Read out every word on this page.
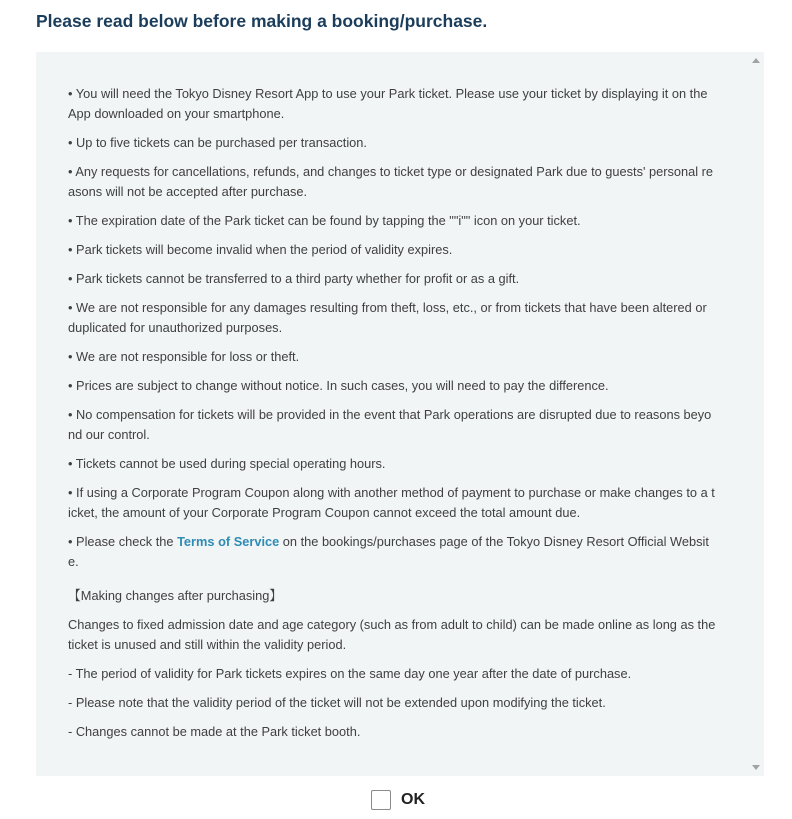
Please read below before making a booking/purchase.

• You will need the Tokyo Disney Resort App to use your Park ticket. Please use your ticket by displaying it on the App downloaded on your smartphone.

• Up to five tickets can be purchased per transaction.

• Any requests for cancellations, refunds, and changes to ticket type or designated Park due to guests' personal reasons will not be accepted after purchase.

• The expiration date of the Park ticket can be found by tapping the ""i"" icon on your ticket.

• Park tickets will become invalid when the period of validity expires.

• Park tickets cannot be transferred to a third party whether for profit or as a gift.

• We are not responsible for any damages resulting from theft, loss, etc., or from tickets that have been altered or duplicated for unauthorized purposes.

• We are not responsible for loss or theft.

• Prices are subject to change without notice. In such cases, you will need to pay the difference.

• No compensation for tickets will be provided in the event that Park operations are disrupted due to reasons beyond our control.

• Tickets cannot be used during special operating hours.

• If using a Corporate Program Coupon along with another method of payment to purchase or make changes to a ticket, the amount of your Corporate Program Coupon cannot exceed the total amount due.

• Please check the Terms of Service on the bookings/purchases page of the Tokyo Disney Resort Official Website.

【Making changes after purchasing】

Changes to fixed admission date and age category (such as from adult to child) can be made online as long as the ticket is unused and still within the validity period.

- The period of validity for Park tickets expires on the same day one year after the date of purchase.

- Please note that the validity period of the ticket will not be extended upon modifying the ticket.

- Changes cannot be made at the Park ticket booth.

OK
